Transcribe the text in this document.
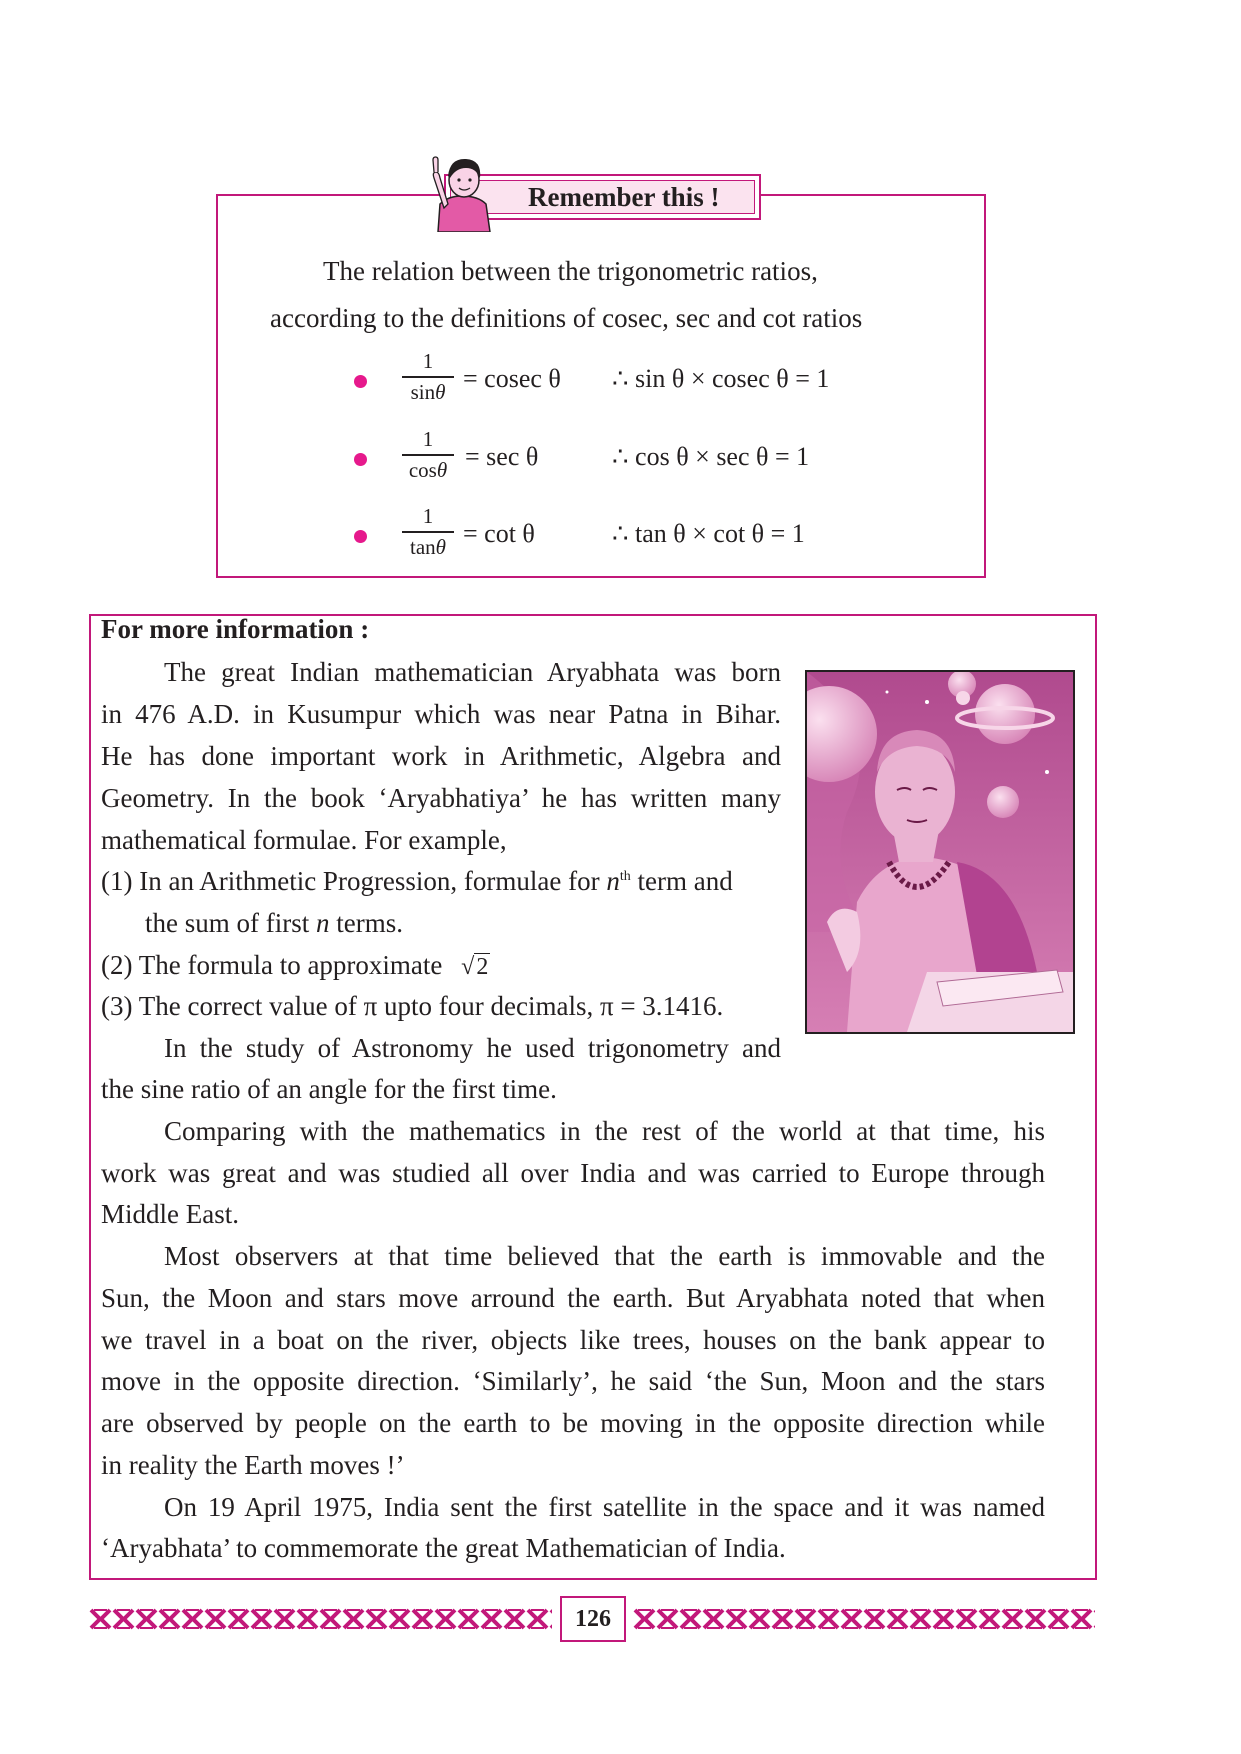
Remember this !
The relation between the trigonometric ratios,
according to the definitions of cosec, sec and cot ratios
1
sinθ = cosec θ ∴ sin θ × cosec θ = 1
1
cosθ = sec θ	∴ cos θ × sec θ = 1
1
tanθ = cot θ	∴ tan θ × cot θ = 1
For more information :
The great Indian mathematician Aryabhata was born
in 476 A.D. in Kusumpur which was near Patna in Bihar.
He has done important work in Arithmetic, Algebra and
Geometry. In the book ‘Aryabhatiya’ he has written many
mathematical formulae. For example,
(1) In an Arithmetic Progression, formulae for $n^{th}$ term and
the sum of first n terms.
(2) The formula to approximate √2
(3) The correct value of π upto four decimals, π = 3.1416.
In the study of Astronomy he used trigonometry and
the sine ratio of an angle for the first time.
Comparing with the mathematics in the rest of the world at that time, his
work was great and was studied all over India and was carried to Europe through
Middle East.
Most observers at that time believed that the earth is immovable and the
Sun, the Moon and stars move arround the earth. But Aryabhata noted that when
we travel in a boat on the river, objects like trees, houses on the bank appear to
move in the opposite direction. ‘Similarly’, he said ‘the Sun, Moon and the stars
are observed by people on the earth to be moving in the opposite direction while
in reality the Earth moves !’
On 19 April 1975, India sent the first satellite in the space and it was named
‘Aryabhata’ to commemorate the great Mathematician of India.
126
